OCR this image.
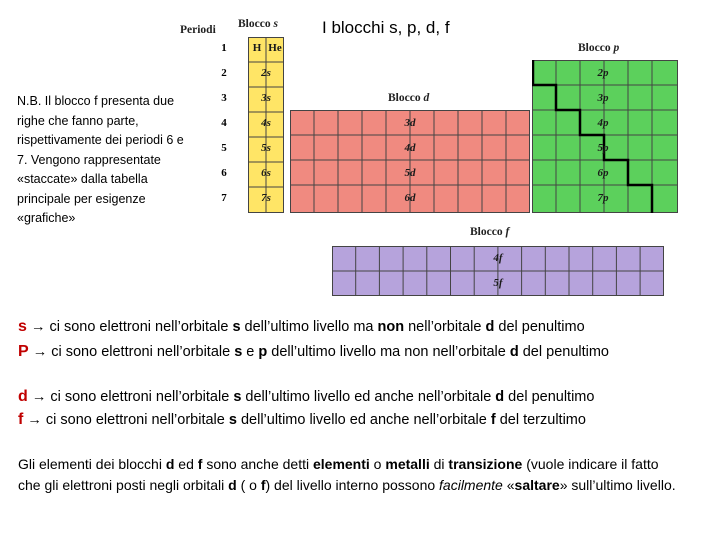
I blocchi s, p, d, f
N.B. Il blocco f presenta due righe che fanno parte, rispettivamente dei periodi 6 e 7. Vengono rappresentate «staccate» dalla tabella principale per esigenze «grafiche»
Periodi
1
2
3
4
5
6
7
Blocco s
H He
2s
3s
4s
5s
6s
7s
Blocco d
3d
4d
5d
6d
Blocco p
2p
3p
4p
5p
6p
7p
Blocco f
4f
5f
s → ci sono elettroni nell’orbitale s dell’ultimo livello ma non nell’orbitale d del penultimo
P → ci sono elettroni nell’orbitale s e p dell’ultimo livello ma non nell’orbitale d del penultimo
d → ci sono elettroni nell’orbitale s dell’ultimo livello ed anche nell’orbitale d del penultimo
f → ci sono elettroni nell’orbitale s dell’ultimo livello ed anche nell’orbitale f del terzultimo
Gli elementi dei blocchi d ed f sono anche detti elementi o metalli di transizione (vuole indicare il fatto che gli elettroni posti negli orbitali d ( o f) del livello interno possono facilmente «saltare» sull’ultimo livello.
